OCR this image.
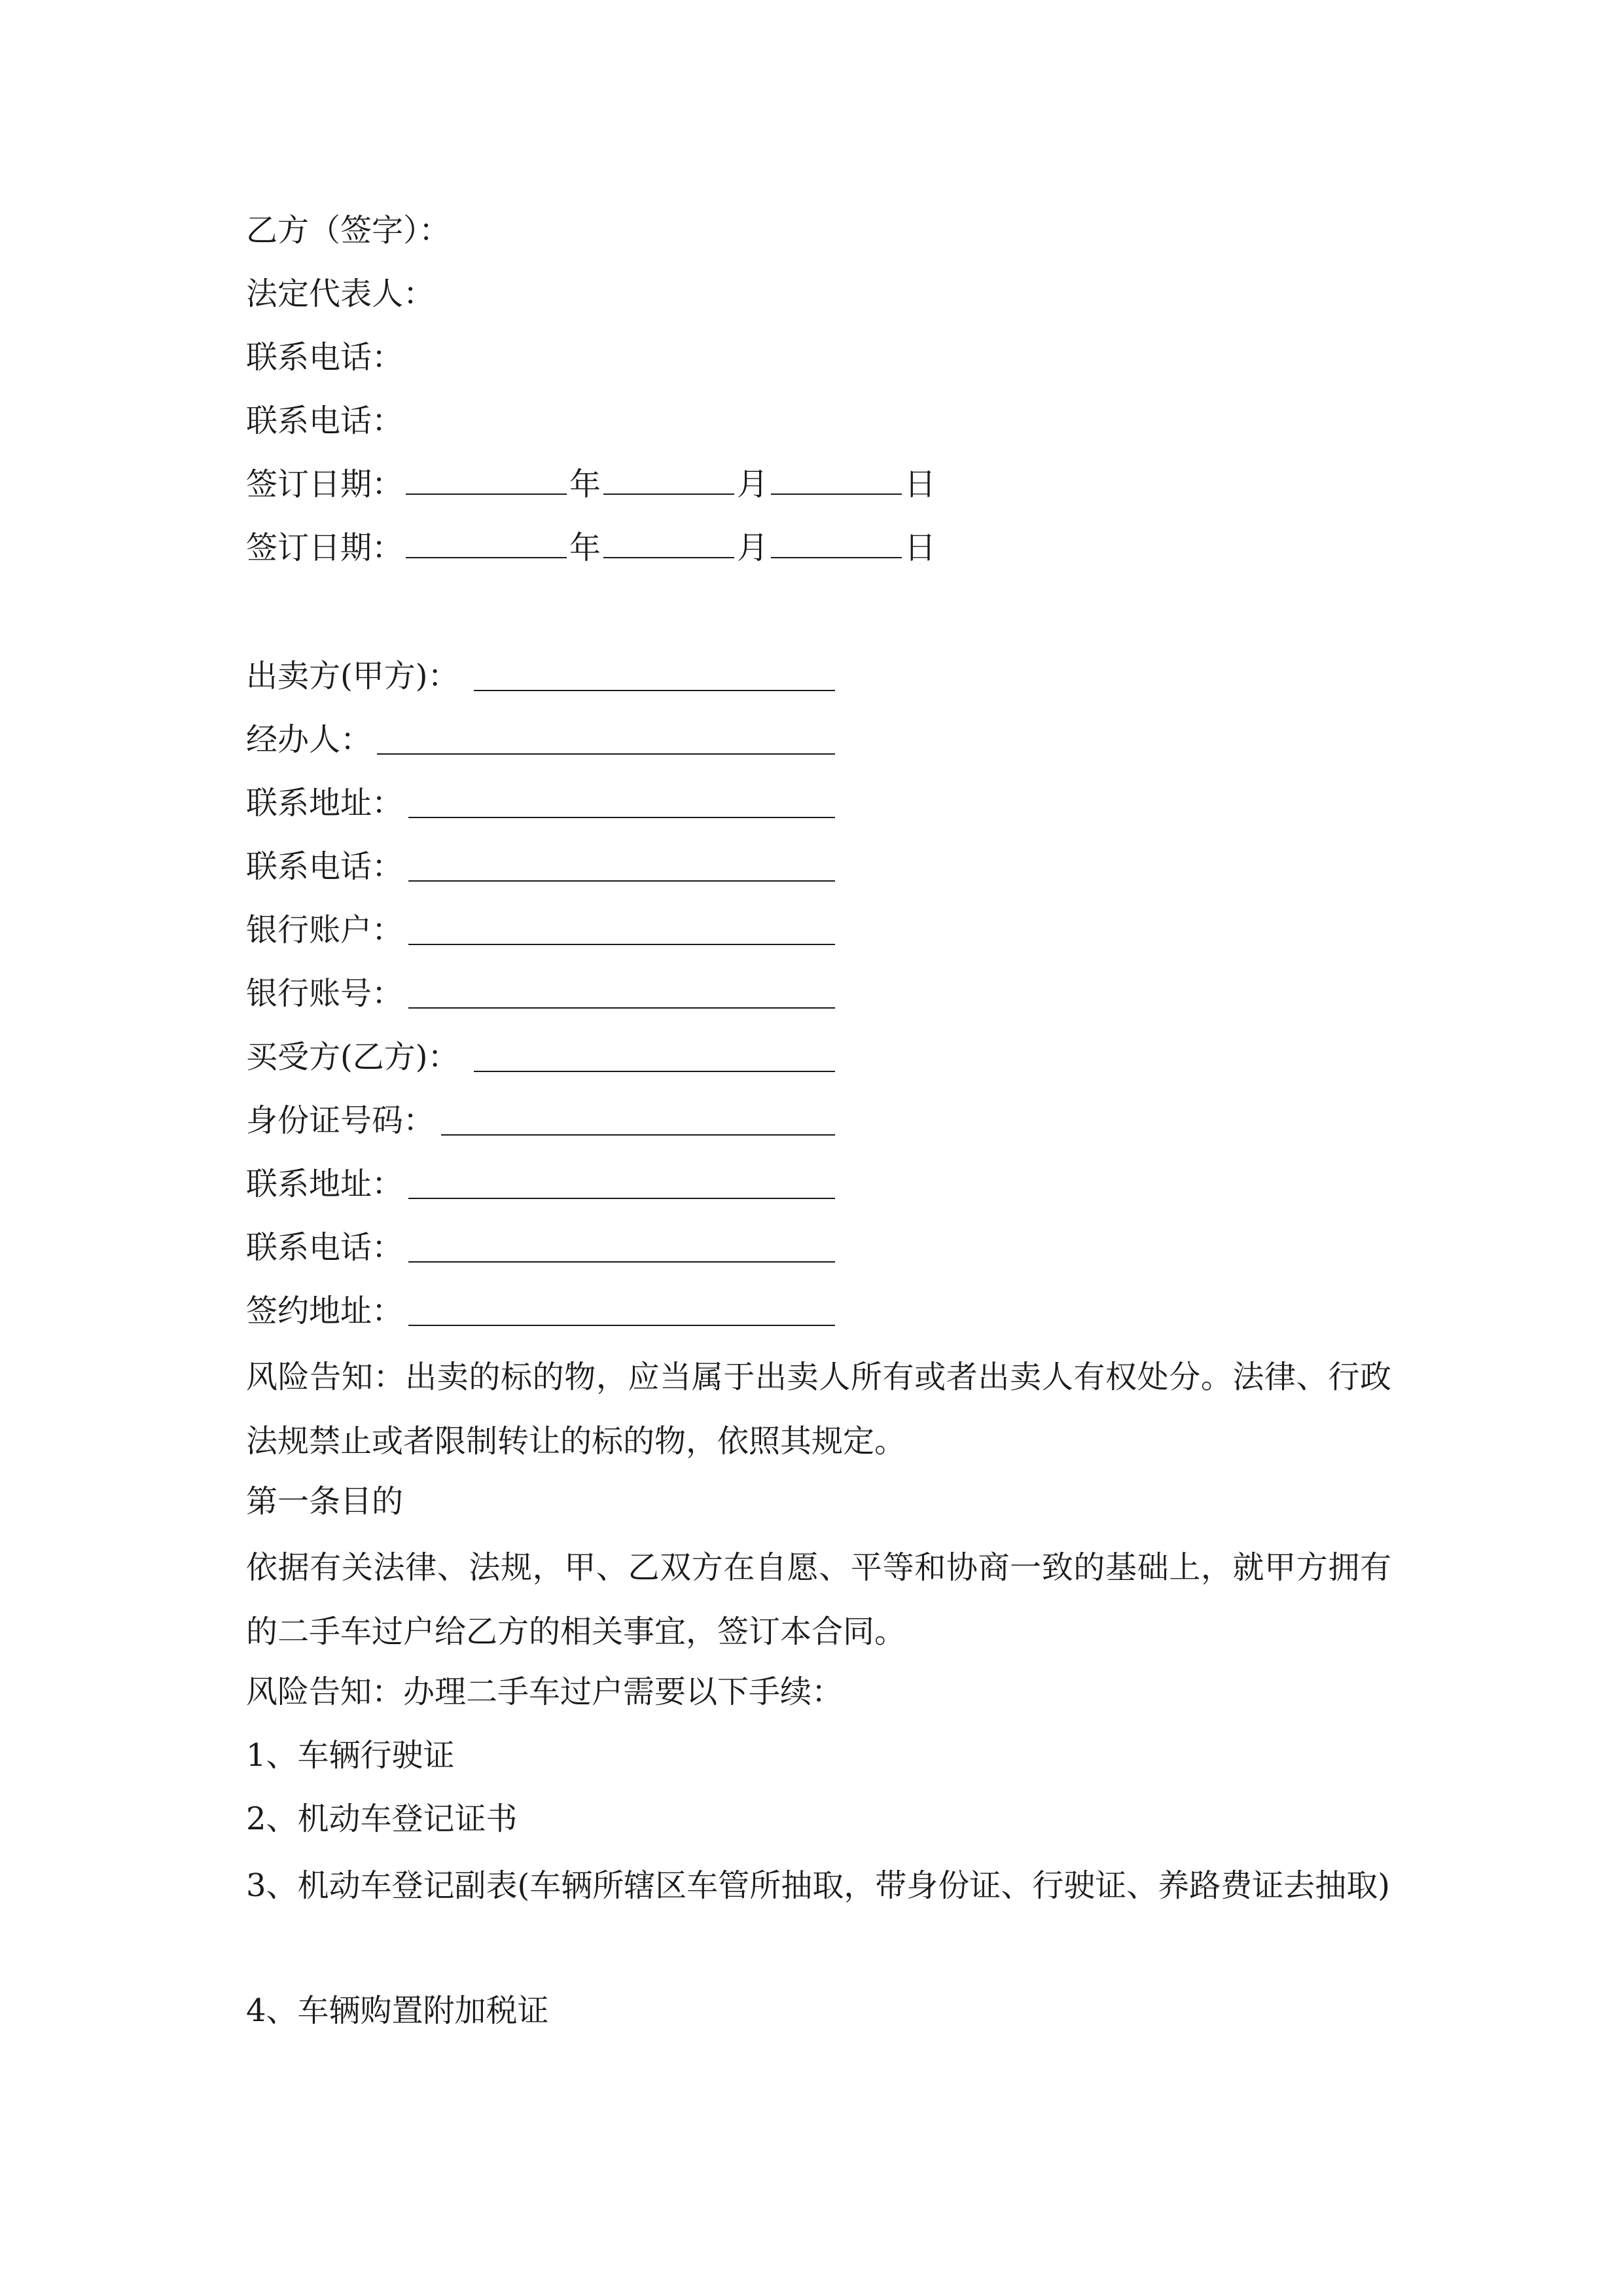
乙方（签字）：
法定代表人：
联系电话：
联系电话：
签订日期：	年	月	日
签订日期：	年	月	日
出卖方(甲方)：
经办人：
联系地址：
联系电话：
银行账户：
银行账号：
买受方(乙方)：
身份证号码：
联系地址：
联系电话：
签约地址：
风险告知：出卖的标的物，应当属于出卖人所有或者出卖人有权处分。法律、行政法规禁止或者限制转让的标的物，依照其规定。
第一条目的
依据有关法律、法规，甲、乙双方在自愿、平等和协商一致的基础上，就甲方拥有的二手车过户给乙方的相关事宜，签订本合同。
风险告知：办理二手车过户需要以下手续：
1、车辆行驶证
2、机动车登记证书
3、机动车登记副表(车辆所辖区车管所抽取，带身份证、行驶证、养路费证去抽取)
4、车辆购置附加税证
